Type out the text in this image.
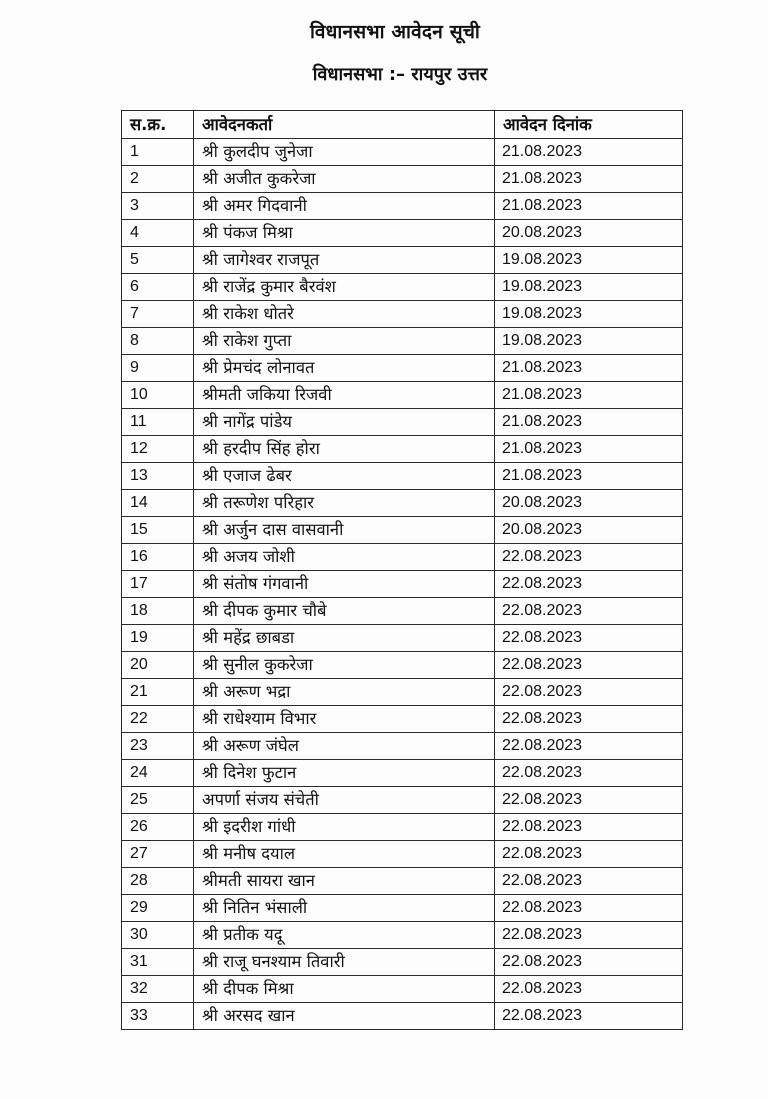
विधानसभा आवेदन सूची
विधानसभा :– रायपुर उत्तर
स.क्र.	आवेदनकर्ता	आवेदन दिनांक
1	श्री कुलदीप जुनेजा	21.08.2023
2	श्री अजीत कुकरेजा	21.08.2023
3	श्री अमर गिदवानी	21.08.2023
4	श्री पंकज मिश्रा	20.08.2023
5	श्री जागेश्वर राजपूत	19.08.2023
6	श्री राजेंद्र कुमार बैरवंश	19.08.2023
7	श्री राकेश धोतरे	19.08.2023
8	श्री राकेश गुप्ता	19.08.2023
9	श्री प्रेमचंद लोनावत	21.08.2023
10	श्रीमती जकिया रिजवी	21.08.2023
11	श्री नागेंद्र पांडेय	21.08.2023
12	श्री हरदीप सिंह होरा	21.08.2023
13	श्री एजाज ढेबर	21.08.2023
14	श्री तरूणेश परिहार	20.08.2023
15	श्री अर्जुन दास वासवानी	20.08.2023
16	श्री अजय जोशी	22.08.2023
17	श्री संतोष गंगवानी	22.08.2023
18	श्री दीपक कुमार चौबे	22.08.2023
19	श्री महेंद्र छाबडा	22.08.2023
20	श्री सुनील कुकरेजा	22.08.2023
21	श्री अरूण भद्रा	22.08.2023
22	श्री राधेश्याम विभार	22.08.2023
23	श्री अरूण जंघेल	22.08.2023
24	श्री दिनेश फुटान	22.08.2023
25	अपर्णा संजय संचेती	22.08.2023
26	श्री इदरीश गांधी	22.08.2023
27	श्री मनीष दयाल	22.08.2023
28	श्रीमती सायरा खान	22.08.2023
29	श्री नितिन भंसाली	22.08.2023
30	श्री प्रतीक यदू	22.08.2023
31	श्री राजू घनश्याम तिवारी	22.08.2023
32	श्री दीपक मिश्रा	22.08.2023
33	श्री अरसद खान	22.08.2023
